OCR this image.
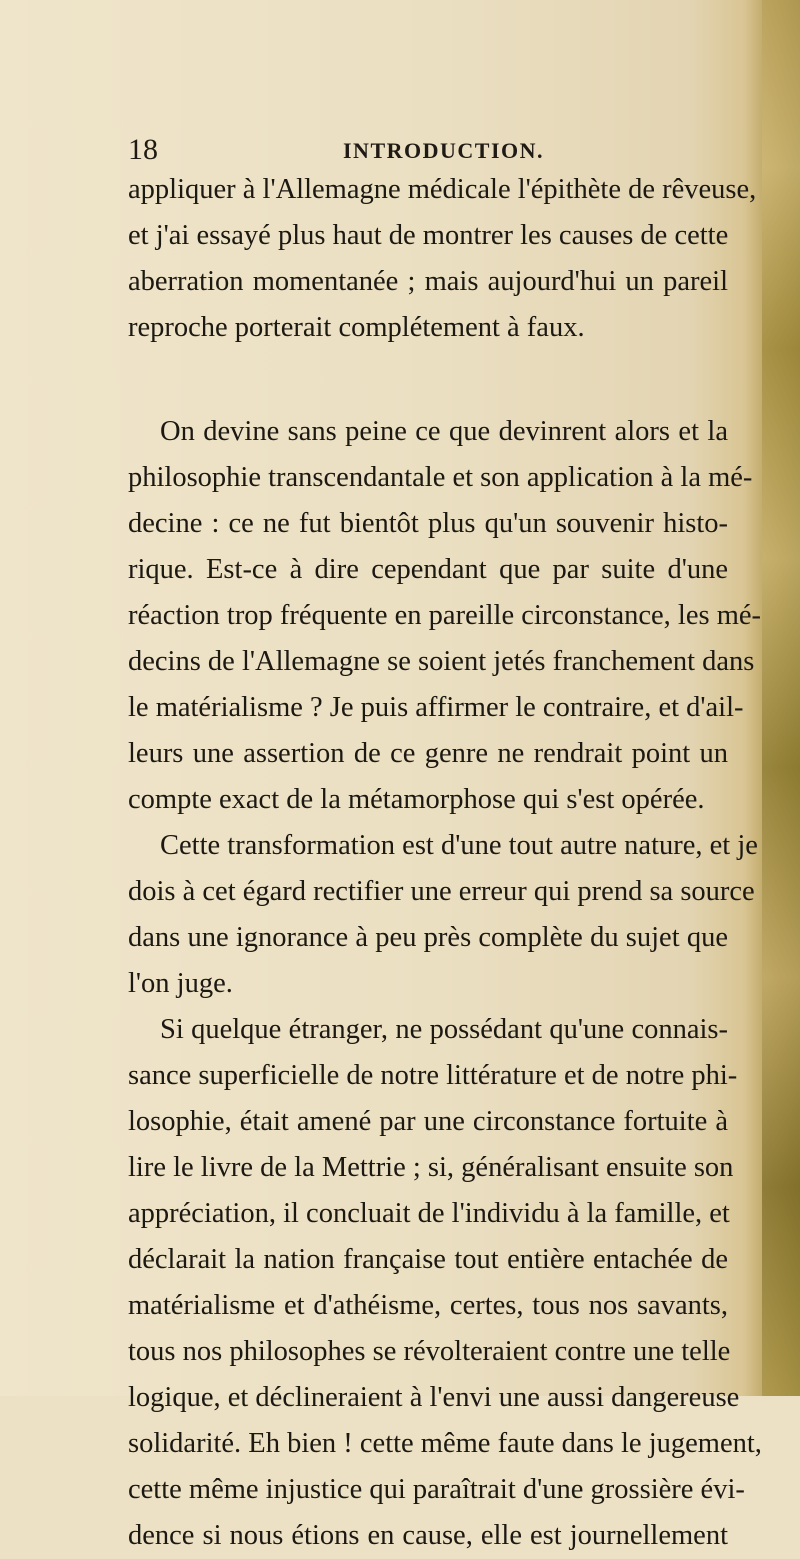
18	INTRODUCTION.
appliquer à l'Allemagne médicale l'épithète de rêveuse,
et j'ai essayé plus haut de montrer les causes de cette
aberration momentanée ; mais aujourd'hui un pareil
reproche porterait complétement à faux.
On devine sans peine ce que devinrent alors et la
philosophie transcendantale et son application à la mé-
decine : ce ne fut bientôt plus qu'un souvenir histo-
rique. Est-ce à dire cependant que par suite d'une
réaction trop fréquente en pareille circonstance, les mé-
decins de l'Allemagne se soient jetés franchement dans
le matérialisme ? Je puis affirmer le contraire, et d'ail-
leurs une assertion de ce genre ne rendrait point un
compte exact de la métamorphose qui s'est opérée.
Cette transformation est d'une tout autre nature, et je
dois à cet égard rectifier une erreur qui prend sa source
dans une ignorance à peu près complète du sujet que
l'on juge.
Si quelque étranger, ne possédant qu'une connais-
sance superficielle de notre littérature et de notre phi-
losophie, était amené par une circonstance fortuite à
lire le livre de la Mettrie ; si, généralisant ensuite son
appréciation, il concluait de l'individu à la famille, et
déclarait la nation française tout entière entachée de
matérialisme et d'athéisme, certes, tous nos savants,
tous nos philosophes se révolteraient contre une telle
logique, et déclineraient à l'envi une aussi dangereuse
solidarité. Eh bien ! cette même faute dans le jugement,
cette même injustice qui paraîtrait d'une grossière évi-
dence si nous étions en cause, elle est journellement
